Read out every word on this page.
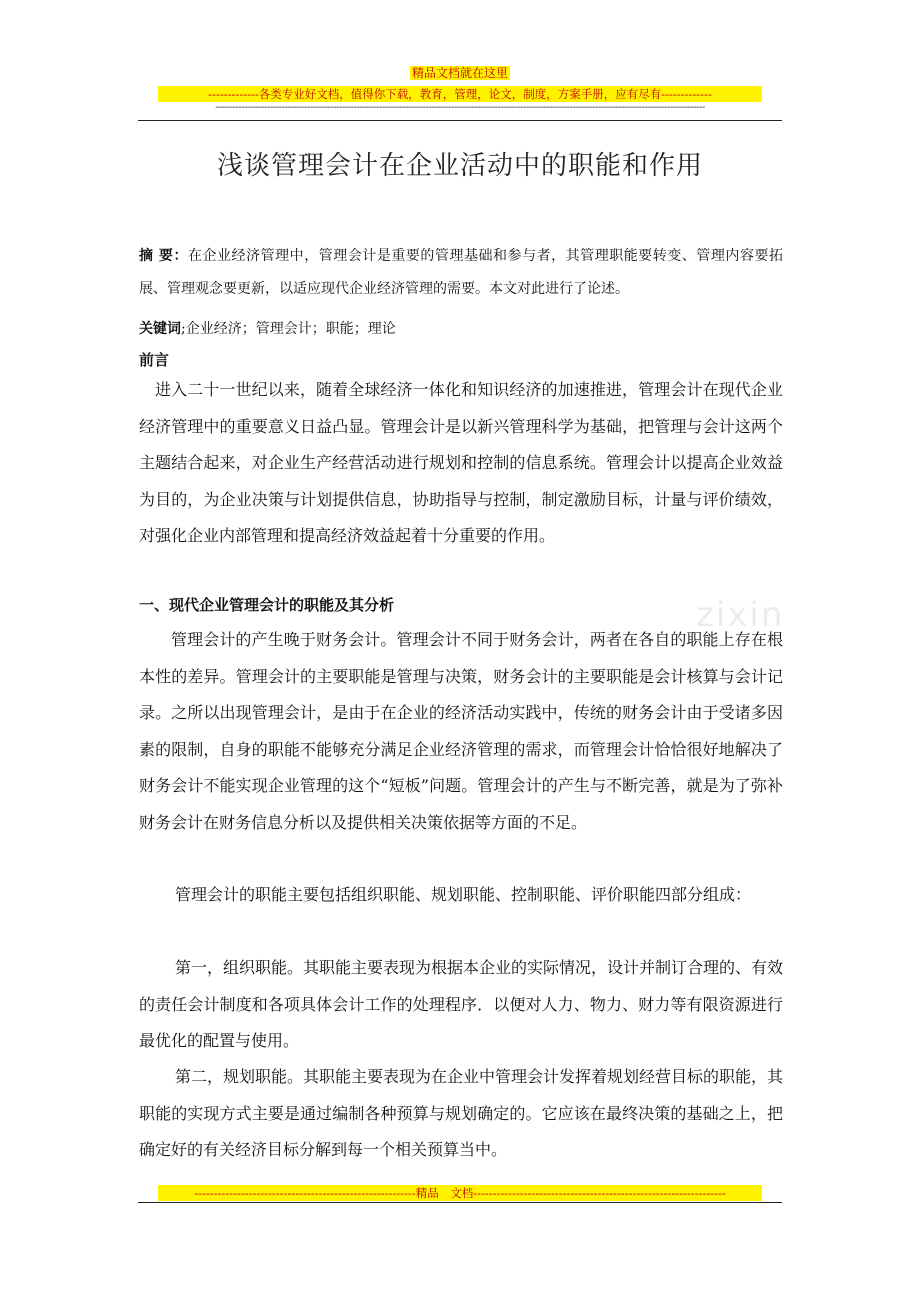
精品文档就在这里
-------------各类专业好文档，值得你下载，教育，管理，论文，制度，方案手册，应有尽有-------------
--------------------------------------------------------------------------------------------------------------------------------------------------------------------------
zixin
浅谈管理会计在企业活动中的职能和作用
摘 要：在企业经济管理中，管理会计是重要的管理基础和参与者，其管理职能要转变、管理内容要拓展、管理观念要更新，以适应现代企业经济管理的需要。本文对此进行了论述。
关键词;企业经济；管理会计；职能；理论
前言

进入二十一世纪以来，随着全球经济一体化和知识经济的加速推进，管理会计在现代企业经济管理中的重要意义日益凸显。管理会计是以新兴管理科学为基础，把管理与会计这两个主题结合起来，对企业生产经营活动进行规划和控制的信息系统。管理会计以提高企业效益为目的，为企业决策与计划提供信息，协助指导与控制，制定激励目标，计量与评价绩效，对强化企业内部管理和提高经济效益起着十分重要的作用。

一、现代企业管理会计的职能及其分析

管理会计的产生晚于财务会计。管理会计不同于财务会计，两者在各自的职能上存在根本性的差异。管理会计的主要职能是管理与决策，财务会计的主要职能是会计核算与会计记录。之所以出现管理会计，是由于在企业的经济活动实践中，传统的财务会计由于受诸多因素的限制，自身的职能不能够充分满足企业经济管理的需求，而管理会计恰恰很好地解决了财务会计不能实现企业管理的这个“短板”问题。管理会计的产生与不断完善，就是为了弥补财务会计在财务信息分析以及提供相关决策依据等方面的不足。

管理会计的职能主要包括组织职能、规划职能、控制职能、评价职能四部分组成：

第一，组织职能。其职能主要表现为根据本企业的实际情况，设计并制订合理的、有效的责任会计制度和各项具体会计工作的处理程序．以便对人力、物力、财力等有限资源进行最优化的配置与使用。

第二，规划职能。其职能主要表现为在企业中管理会计发挥着规划经营目标的职能，其职能的实现方式主要是通过编制各种预算与规划确定的。它应该在最终决策的基础之上，把确定好的有关经济目标分解到每一个相关预算当中。

---------------------------------------------------------精品　文档-----------------------------------------------------------------
